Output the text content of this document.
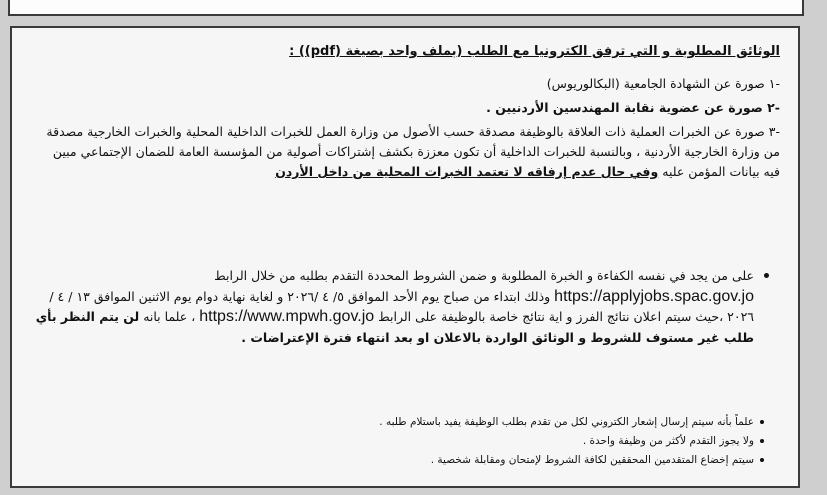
الوثائق المطلوبة و التي ترفق الكترونيا مع الطلب (بملف واحد بصيغة (pdf)) :
-١ صورة عن الشهادة الجامعية (البكالوريوس)
-٢ صورة عن عضوية نقابة المهندسين الأردنيين .
-٣ صورة عن الخبرات العملية ذات العلاقة بالوظيفة مصدقة حسب الأصول من وزارة العمل للخبرات الداخلية المحلية والخبرات الخارجية مصدقة من وزارة الخارجية الأردنية ، وبالنسبة للخبرات الداخلية أن تكون معززة بكشف إشتراكات أصولية من المؤسسة العامة للضمان الإجتماعي مبين فيه بيانات المؤمن عليه وفي حال عدم إرفاقه لا تعتمد الخبرات المحلية من داخل الأردن
على من يجد في نفسه الكفاءة و الخبرة المطلوبة و ضمن الشروط المحددة التقدم بطلبه من خلال الرابط https://applyjobs.spac.gov.jo وذلك ابتداء من صباح يوم الأحد الموافق ٥/ ٤ /٢٠٢٦ و لغاية نهاية دوام يوم الاثنين الموافق ١٣ / ٤ / ٢٠٢٦ ،حيث سيتم اعلان نتائج الفرز و اية نتائج خاصة بالوظيفة على الرابط https://www.mpwh.gov.jo ، علما بانه لن يتم النظر بأي طلب غير مستوف للشروط و الوثائق الواردة بالاعلان او بعد انتهاء فترة الإعتراضات .
علماً بأنه سيتم إرسال إشعار الكتروني لكل من تقدم بطلب الوظيفة يفيد باستلام طلبه .
ولا يجوز التقدم لأكثر من وظيفة واحدة .
سيتم إخضاع المتقدمين المحققين لكافة الشروط لإمتحان ومقابلة شخصية .
